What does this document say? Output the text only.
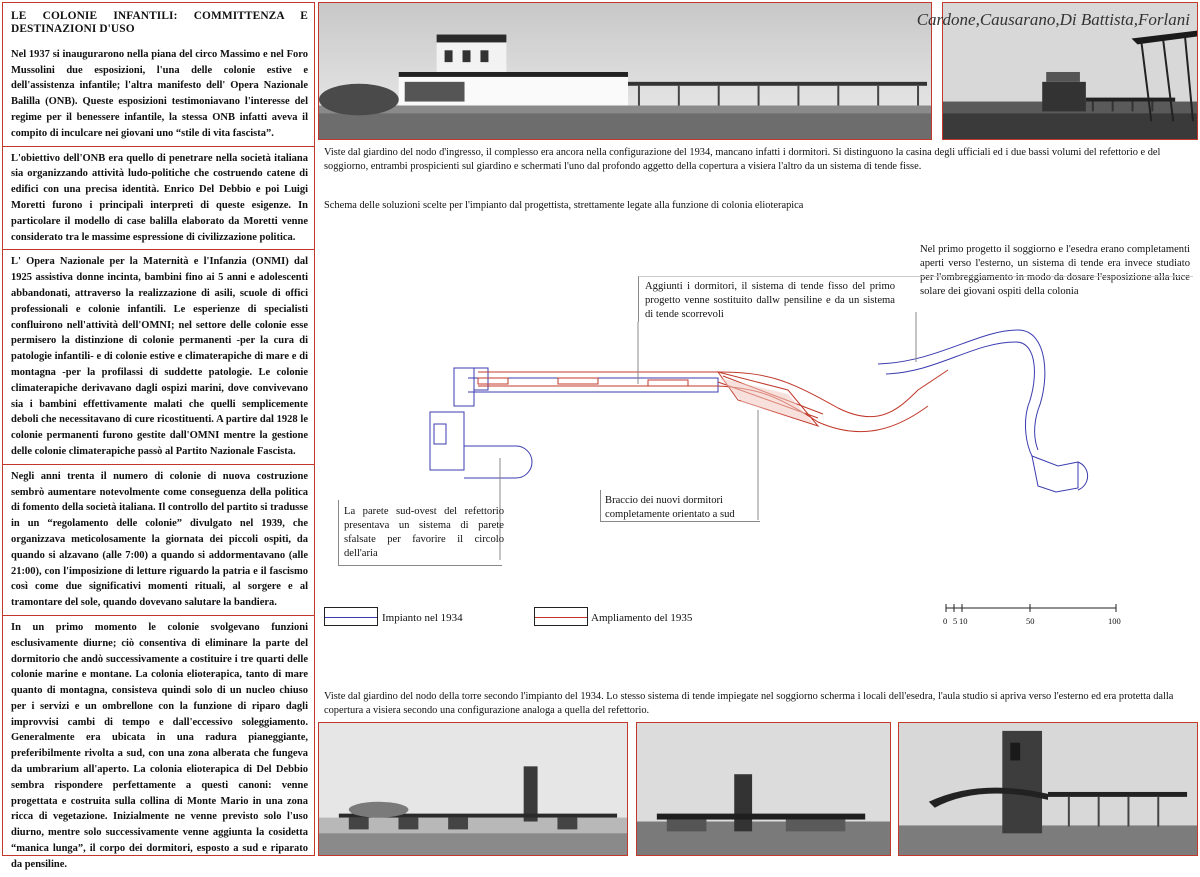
LE COLONIE INFANTILI: COMMITTENZA E DESTINAZIONI D'USO
Nel 1937 si inaugurarono nella piana del circo Massimo e nel Foro Mussolini due esposizioni, l'una delle colonie estive e dell'assistenza infantile; l'altra manifesto dell' Opera Nazionale Balilla (ONB). Queste esposizioni testimoniavano l'interesse del regime per il benessere infantile, la stessa ONB infatti aveva il compito di inculcare nei giovani uno “stile di vita fascista”.
L'obiettivo dell'ONB era quello di penetrare nella società italiana sia organizzando attività ludo-politiche che costruendo catene di edifici con una precisa identità. Enrico Del Debbio e poi Luigi Moretti furono i principali interpreti di queste esigenze. In particolare il modello di case balilla elaborato da Moretti venne considerato tra le massime espressione di civilizzazione politica.
L' Opera Nazionale per la Maternità e l'Infanzia (ONMI) dal 1925 assistiva donne incinta, bambini fino ai 5 anni e adolescenti abbandonati, attraverso la realizzazione di asili, scuole di offici professionali e colonie infantili. Le esperienze di specialisti confluirono nell'attività dell'OMNI; nel settore delle colonie esse permisero la distinzione di colonie permanenti -per la cura di patologie infantili- e di colonie estive e climaterapiche di mare e di montagna -per la profilassi di suddette patologie. Le colonie climaterapiche derivavano dagli ospizi marini, dove convivevano sia i bambini effettivamente malati che quelli semplicemente deboli che necessitavano di cure ricostituenti. A partire dal 1928 le colonie permanenti furono gestite dall'OMNI mentre la gestione delle colonie climaterapiche passò al Partito Nazionale Fascista.
Negli anni trenta il numero di colonie di nuova costruzione sembrò aumentare notevolmente come conseguenza della politica di fomento della società italiana. Il controllo del partito si tradusse in un “regolamento delle colonie” divulgato nel 1939, che organizzava meticolosamente la giornata dei piccoli ospiti, da quando si alzavano (alle 7:00) a quando si addormentavano (alle 21:00), con l'imposizione di letture riguardo la patria e il fascismo così come due significativi momenti rituali, al sorgere e al tramontare del sole, quando dovevano salutare la bandiera.
In un primo momento le colonie svolgevano funzioni esclusivamente diurne; ciò consentiva di eliminare la parte del dormitorio che andò successivamente a costituire i tre quarti delle colonie marine e montane. La colonia elioterapica, tanto di mare quanto di montagna, consisteva quindi solo di un nucleo chiuso per i servizi e un ombrellone con la funzione di riparo dagli improvvisi cambi di tempo e dall'eccessivo soleggiamento. Generalmente era ubicata in una radura pianeggiante, preferibilmente rivolta a sud, con una zona alberata che fungeva da umbrarium all'aperto. La colonia elioterapica di Del Debbio sembra rispondere perfettamente a questi canoni: venne progettata e costruita sulla collina di Monte Mario in una zona ricca di vegetazione. Inizialmente ne venne previsto solo l'uso diurno, mentre solo successivamente venne aggiunta la cosidetta “manica lunga”, il corpo dei dormitori, esposto a sud e riparato da pensiline.
Cardone,Causarano,Di Battista,Forlani
Viste dal giardino del nodo d'ingresso, il complesso era ancora nella configurazione del 1934, mancano infatti i dormitori. Si distinguono la casina degli ufficiali ed i due bassi volumi del refettorio e del soggiorno, entrambi prospicienti sul giardino e schermati l'uno dal profondo aggetto della copertura a visiera l'altro da un sistema di tende fisse.
Schema delle soluzioni scelte per l'impianto dal progettista, strettamente legate alla funzione di colonia elioterapica
Nel primo progetto il soggiorno e l'esedra erano completamenti aperti verso l'esterno, un sistema di tende era invece studiato per l'ombreggiamento in modo da dosare l'esposizione alla luce solare dei giovani ospiti della colonia
Aggiunti i dormitori, il sistema di tende fisso del primo progetto venne sostituito dallw pensiline e da un sistema di tende scorrevoli
La parete sud-ovest del refettorio presentava un sistema di parete sfalsate per favorire il circolo dell'aria
Braccio dei nuovi dormitori completamente orientato a sud
Impianto nel 1934	Ampliamento del 1935	0 5 10	50	100
Viste dal giardino del nodo della torre secondo l'impianto del 1934. Lo stesso sistema di tende impiegate nel soggiorno scherma i locali dell'esedra, l'aula studio si apriva verso l'esterno ed era protetta dalla copertura a visiera secondo una configurazione analoga a quella del refettorio.
